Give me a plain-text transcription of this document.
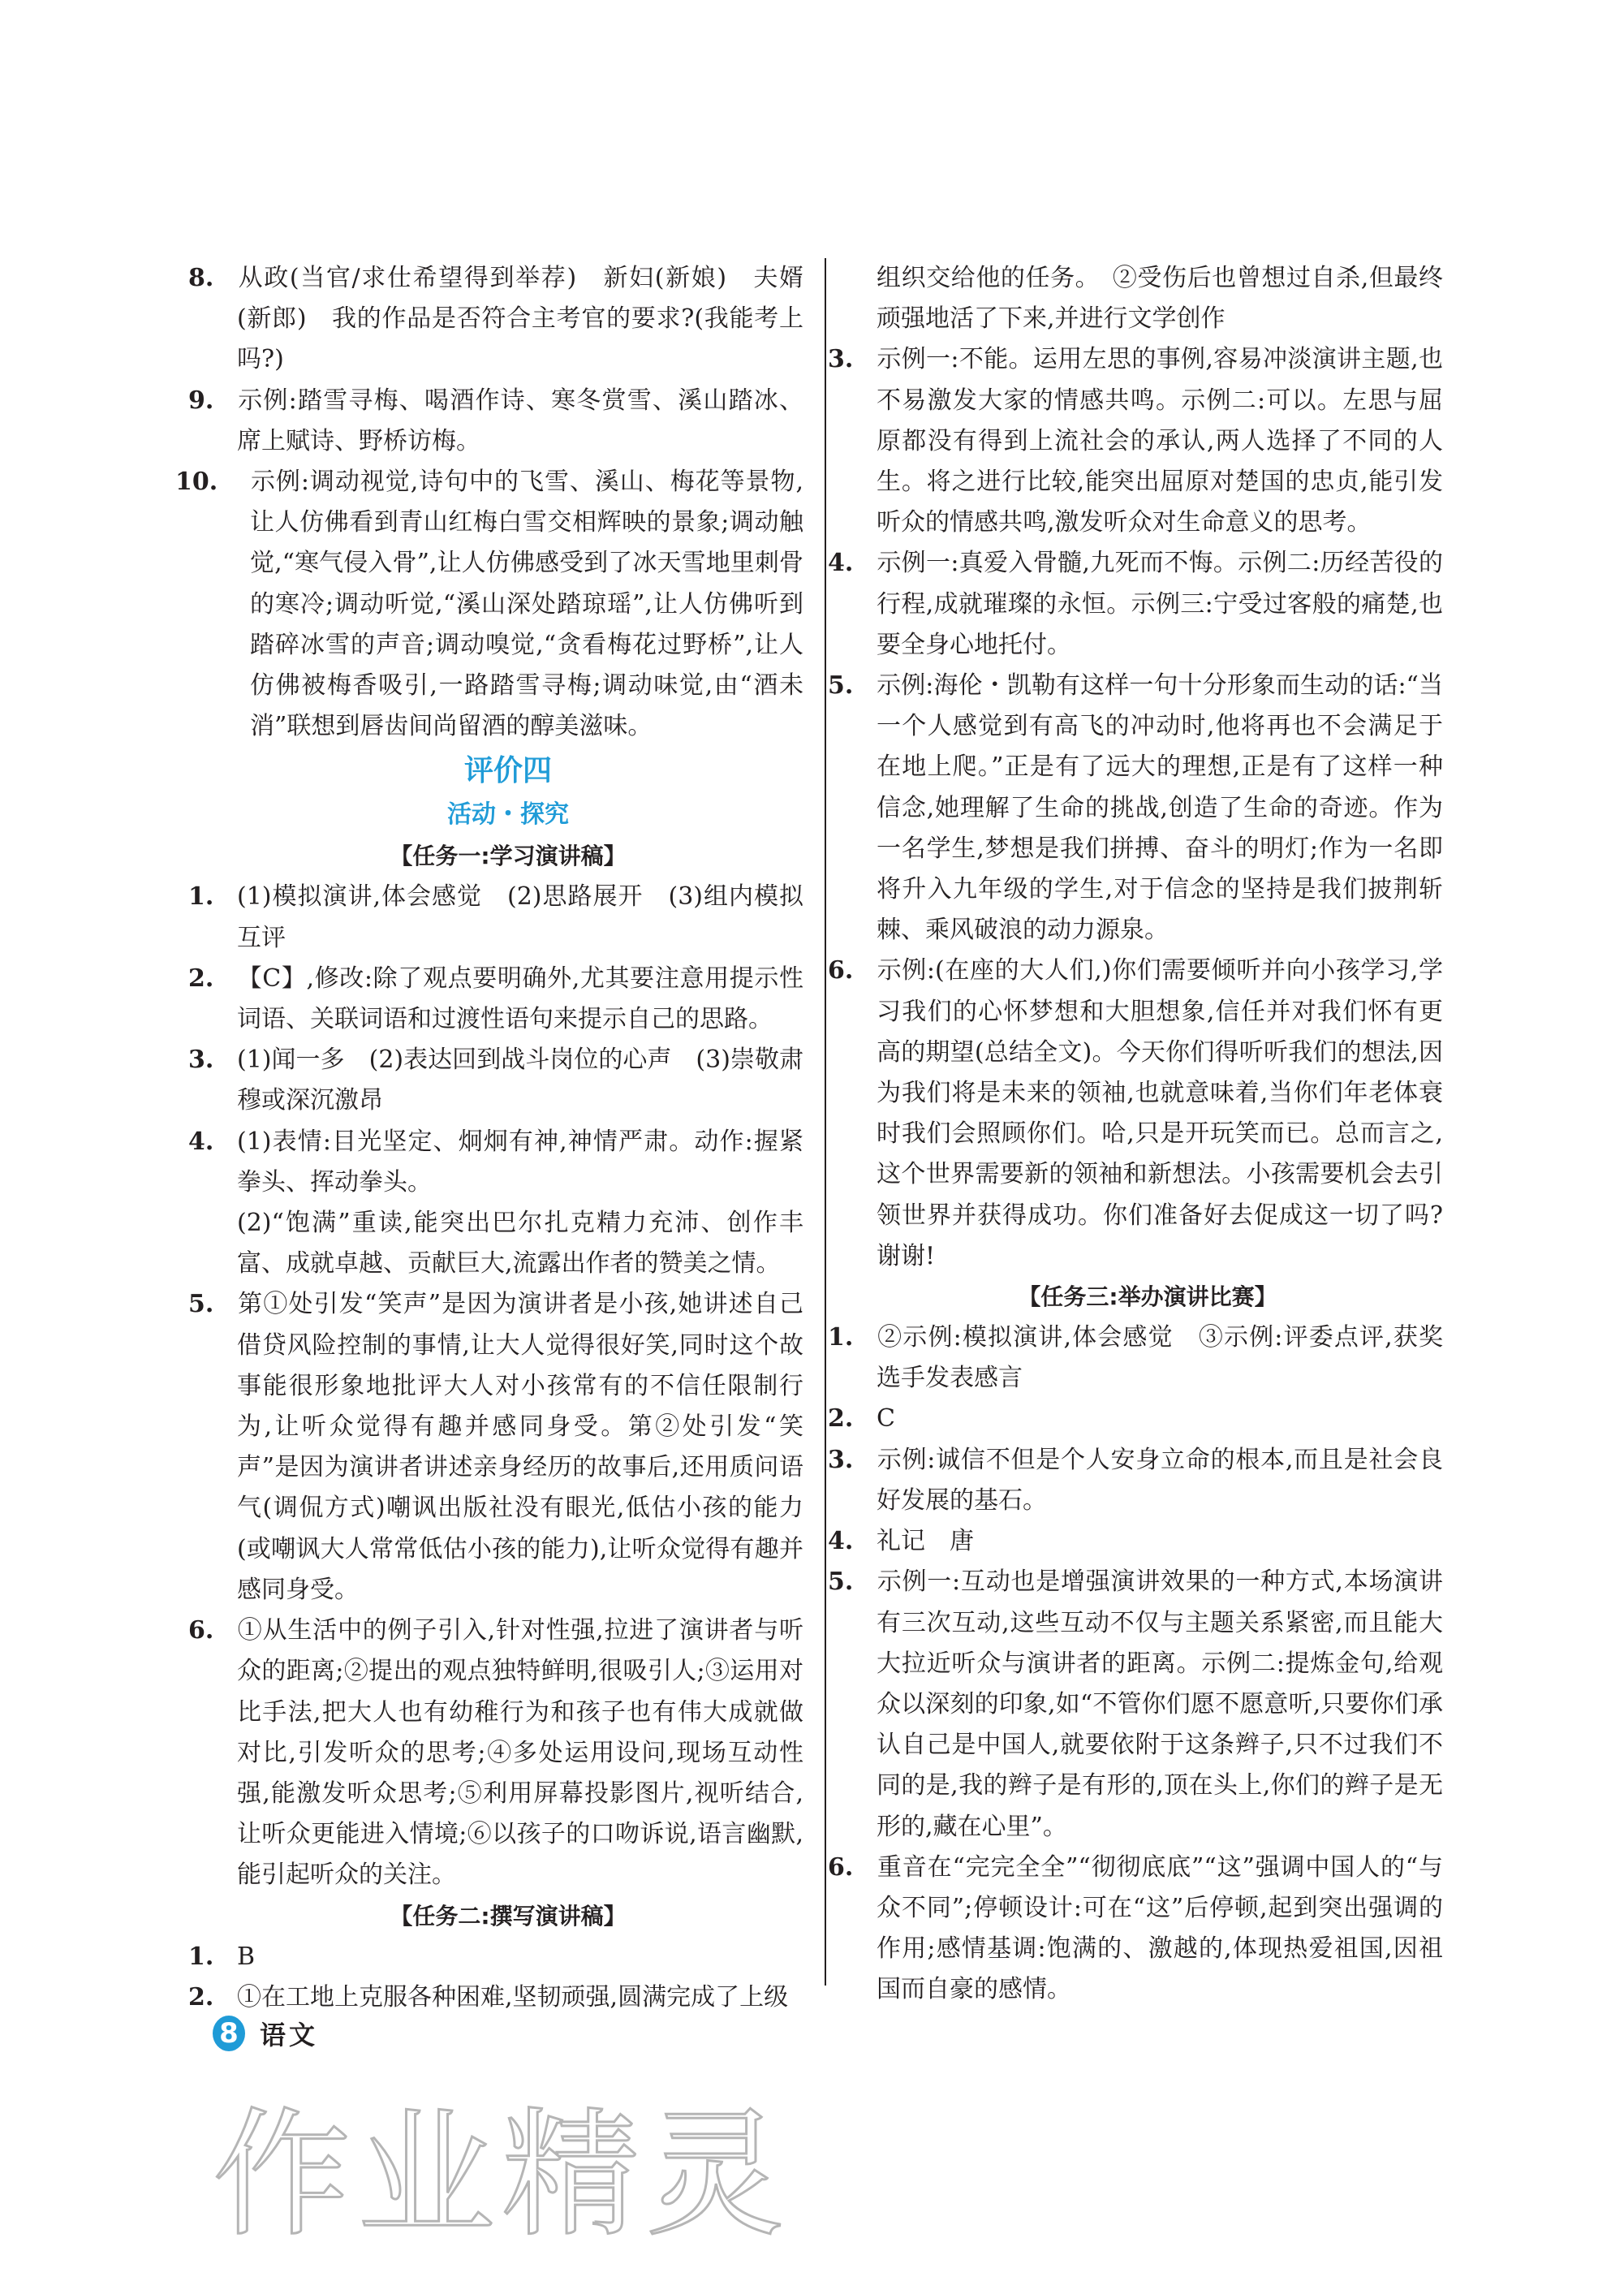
8. 从政(当官/求仕希望得到举荐)　新妇(新娘)　夫婿(新郎)　我的作品是否符合主考官的要求?(我能考上吗?)

9. 示例:踏雪寻梅、喝酒作诗、寒冬赏雪、溪山踏冰、席上赋诗、野桥访梅。

10. 示例:调动视觉,诗句中的飞雪、溪山、梅花等景物,让人仿佛看到青山红梅白雪交相辉映的景象;调动触觉,“寒气侵入骨”,让人仿佛感受到了冰天雪地里刺骨的寒冷;调动听觉,“溪山深处踏琼瑶”,让人仿佛听到踏碎冰雪的声音;调动嗅觉,“贪看梅花过野桥”,让人仿佛被梅香吸引,一路踏雪寻梅;调动味觉,由“酒未消”联想到唇齿间尚留酒的醇美滋味。

评价四

活动・探究

【任务一:学习演讲稿】

1. (1)模拟演讲,体会感觉　(2)思路展开　(3)组内模拟互评

2. 【C】,修改:除了观点要明确外,尤其要注意用提示性词语、关联词语和过渡性语句来提示自己的思路。

3. (1)闻一多　(2)表达回到战斗岗位的心声　(3)崇敬肃穆或深沉激昂

4. (1)表情:目光坚定、炯炯有神,神情严肃。动作:握紧拳头、挥动拳头。

(2)“饱满”重读,能突出巴尔扎克精力充沛、创作丰富、成就卓越、贡献巨大,流露出作者的赞美之情。

5. 第①处引发“笑声”是因为演讲者是小孩,她讲述自己借贷风险控制的事情,让大人觉得很好笑,同时这个故事能很形象地批评大人对小孩常有的不信任限制行为,让听众觉得有趣并感同身受。第②处引发“笑声”是因为演讲者讲述亲身经历的故事后,还用质问语气(调侃方式)嘲讽出版社没有眼光,低估小孩的能力(或嘲讽大人常常低估小孩的能力),让听众觉得有趣并感同身受。

6. ①从生活中的例子引入,针对性强,拉进了演讲者与听众的距离;②提出的观点独特鲜明,很吸引人;③运用对比手法,把大人也有幼稚行为和孩子也有伟大成就做对比,引发听众的思考;④多处运用设问,现场互动性强,能激发听众思考;⑤利用屏幕投影图片,视听结合,让听众更能进入情境;⑥以孩子的口吻诉说,语言幽默,能引起听众的关注。

【任务二:撰写演讲稿】

1. B

2. ①在工地上克服各种困难,坚韧顽强,圆满完成了上级

组织交给他的任务。　②受伤后也曾想过自杀,但最终顽强地活了下来,并进行文学创作

3. 示例一:不能。运用左思的事例,容易冲淡演讲主题,也不易激发大家的情感共鸣。示例二:可以。左思与屈原都没有得到上流社会的承认,两人选择了不同的人生。将之进行比较,能突出屈原对楚国的忠贞,能引发听众的情感共鸣,激发听众对生命意义的思考。

4. 示例一:真爱入骨髓,九死而不悔。示例二:历经苦役的行程,成就璀璨的永恒。示例三:宁受过客般的痛楚,也要全身心地托付。

5. 示例:海伦・凯勒有这样一句十分形象而生动的话:“当一个人感觉到有高飞的冲动时,他将再也不会满足于在地上爬。”正是有了远大的理想,正是有了这样一种信念,她理解了生命的挑战,创造了生命的奇迹。作为一名学生,梦想是我们拼搏、奋斗的明灯;作为一名即将升入九年级的学生,对于信念的坚持是我们披荆斩棘、乘风破浪的动力源泉。

6. 示例:(在座的大人们,)你们需要倾听并向小孩学习,学习我们的心怀梦想和大胆想象,信任并对我们怀有更高的期望(总结全文)。今天你们得听听我们的想法,因为我们将是未来的领袖,也就意味着,当你们年老体衰时我们会照顾你们。哈,只是开玩笑而已。总而言之,这个世界需要新的领袖和新想法。小孩需要机会去引领世界并获得成功。你们准备好去促成这一切了吗?谢谢!

【任务三:举办演讲比赛】

1. ②示例:模拟演讲,体会感觉　③示例:评委点评,获奖选手发表感言

2. C

3. 示例:诚信不但是个人安身立命的根本,而且是社会良好发展的基石。

4. 礼记　唐

5. 示例一:互动也是增强演讲效果的一种方式,本场演讲有三次互动,这些互动不仅与主题关系紧密,而且能大大拉近听众与演讲者的距离。示例二:提炼金句,给观众以深刻的印象,如“不管你们愿不愿意听,只要你们承认自己是中国人,就要依附于这条辫子,只不过我们不同的是,我的辫子是有形的,顶在头上,你们的辫子是无形的,藏在心里”。

6. 重音在“完完全全”“彻彻底底”“这”强调中国人的“与众不同”;停顿设计:可在“这”后停顿,起到突出强调的作用;感情基调:饱满的、激越的,体现热爱祖国,因祖国而自豪的感情。

8 语文
作业精灵
